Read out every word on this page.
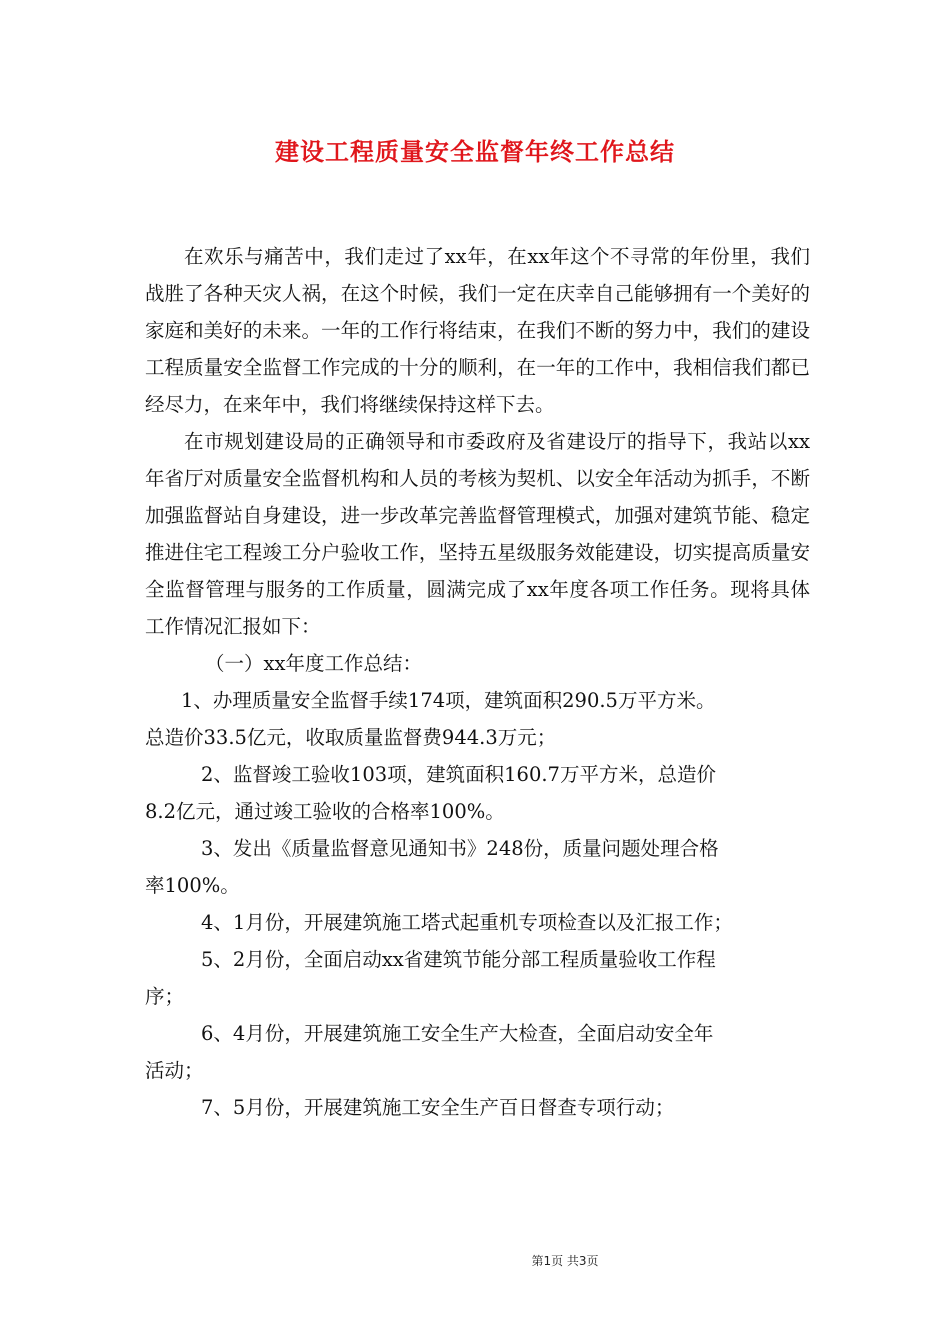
建设工程质量安全监督年终工作总结

在欢乐与痛苦中，我们走过了xx年，在xx年这个不寻常的年份里，我们战胜了各种天灾人祸，在这个时候，我们一定在庆幸自己能够拥有一个美好的家庭和美好的未来。一年的工作行将结束，在我们不断的努力中，我们的建设工程质量安全监督工作完成的十分的顺利，在一年的工作中，我相信我们都已经尽力，在来年中，我们将继续保持这样下去。

在市规划建设局的正确领导和市委政府及省建设厅的指导下，我站以xx年省厅对质量安全监督机构和人员的考核为契机、以安全年活动为抓手，不断加强监督站自身建设，进一步改革完善监督管理模式，加强对建筑节能、稳定推进住宅工程竣工分户验收工作，坚持五星级服务效能建设，切实提高质量安全监督管理与服务的工作质量，圆满完成了xx年度各项工作任务。现将具体工作情况汇报如下：

（一）xx年度工作总结：

1、办理质量安全监督手续174项，建筑面积290.5万平方米。

总造价33.5亿元，收取质量监督费944.3万元；

2、监督竣工验收103项，建筑面积160.7万平方米，总造价

8.2亿元，通过竣工验收的合格率100%。

3、发出《质量监督意见通知书》248份，质量问题处理合格

率100%。

4、1月份，开展建筑施工塔式起重机专项检查以及汇报工作；

5、2月份，全面启动xx省建筑节能分部工程质量验收工作程

序；

6、4月份，开展建筑施工安全生产大检查，全面启动安全年

活动；

7、5月份，开展建筑施工安全生产百日督查专项行动；

第1页 共3页
